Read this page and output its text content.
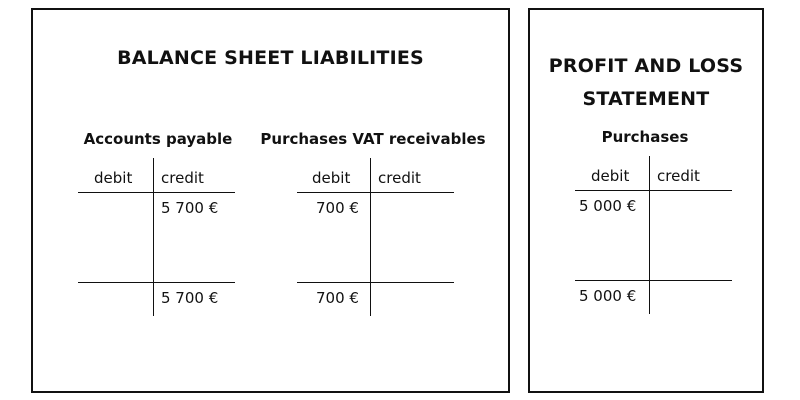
BALANCE SHEET LIABILITIES
Accounts payable
debit credit
5 700 €
5 700 €
Purchases VAT receivables
debit credit
700 €
700 €
PROFIT AND LOSS
STATEMENT
Purchases
debit credit
5 000 €
5 000 €
